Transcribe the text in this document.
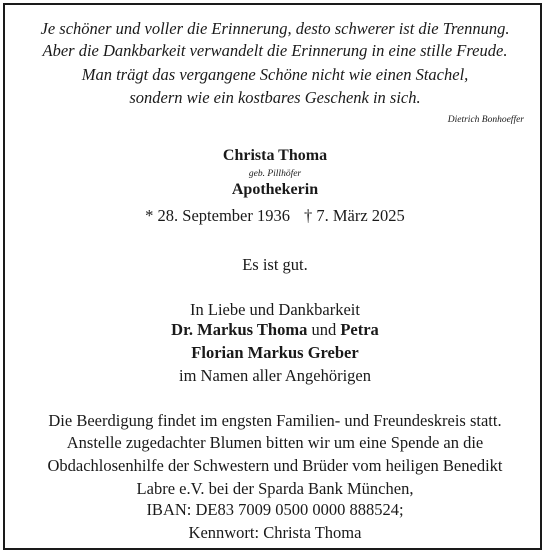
Je schöner und voller die Erinnerung, desto schwerer ist die Trennung.
Aber die Dankbarkeit verwandelt die Erinnerung in eine stille Freude.
Man trägt das vergangene Schöne nicht wie einen Stachel,
sondern wie ein kostbares Geschenk in sich.
Dietrich Bonhoeffer
Christa Thoma
geb. Pillhöfer
Apothekerin
* 28. September 1936 † 7. März 2025
Es ist gut.
In Liebe und Dankbarkeit
Dr. Markus Thoma und Petra
Florian Markus Greber
im Namen aller Angehörigen
Die Beerdigung findet im engsten Familien- und Freundeskreis statt.
Anstelle zugedachter Blumen bitten wir um eine Spende an die
Obdachlosenhilfe der Schwestern und Brüder vom heiligen Benedikt
Labre e.V. bei der Sparda Bank München,
IBAN: DE83 7009 0500 0000 888524;
Kennwort: Christa Thoma
